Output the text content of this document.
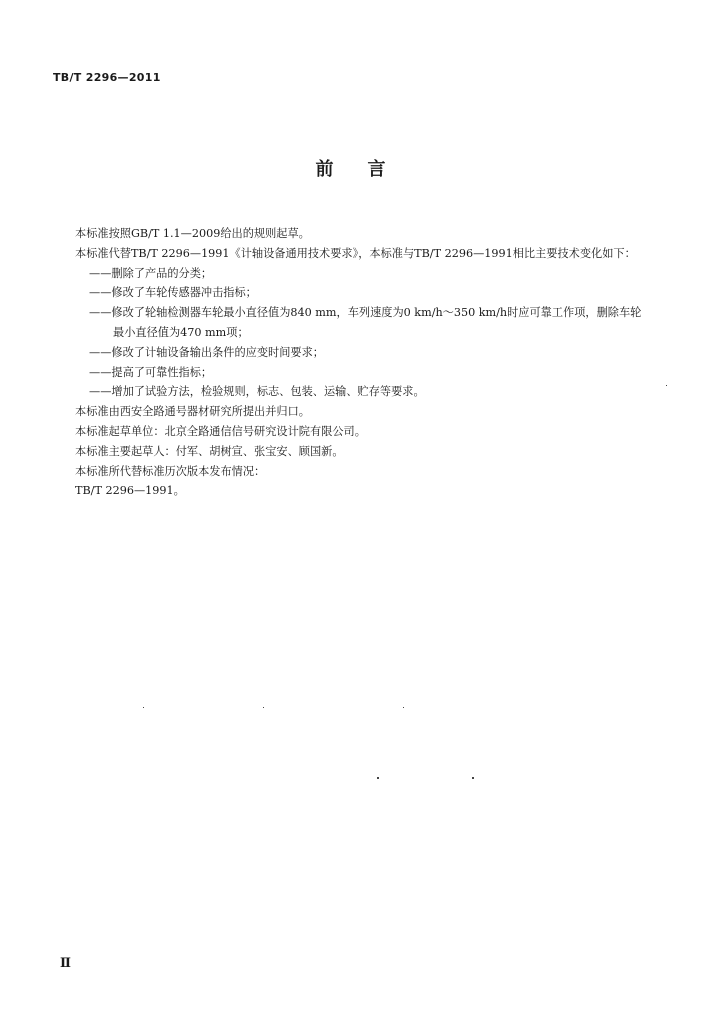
TB/T 2296—2011
前言

本标准按照GB/T 1.1—2009给出的规则起草。

本标准代替TB/T 2296—1991《计轴设备通用技术要求》，本标准与TB/T 2296—1991相比主要技术变化如下：

——删除了产品的分类；

——修改了车轮传感器冲击指标；

——修改了轮轴检测器车轮最小直径值为840 mm，车列速度为0 km/h～350 km/h时应可靠工作项，删除车轮最小直径值为470 mm项；

——修改了计轴设备输出条件的应变时间要求；

——提高了可靠性指标；

——增加了试验方法，检验规则，标志、包装、运输、贮存等要求。

本标准由西安全路通号器材研究所提出并归口。

本标准起草单位：北京全路通信信号研究设计院有限公司。

本标准主要起草人：付军、胡树宣、张宝安、顾国新。

本标准所代替标准历次版本发布情况：

TB/T 2296—1991。

Ⅱ
